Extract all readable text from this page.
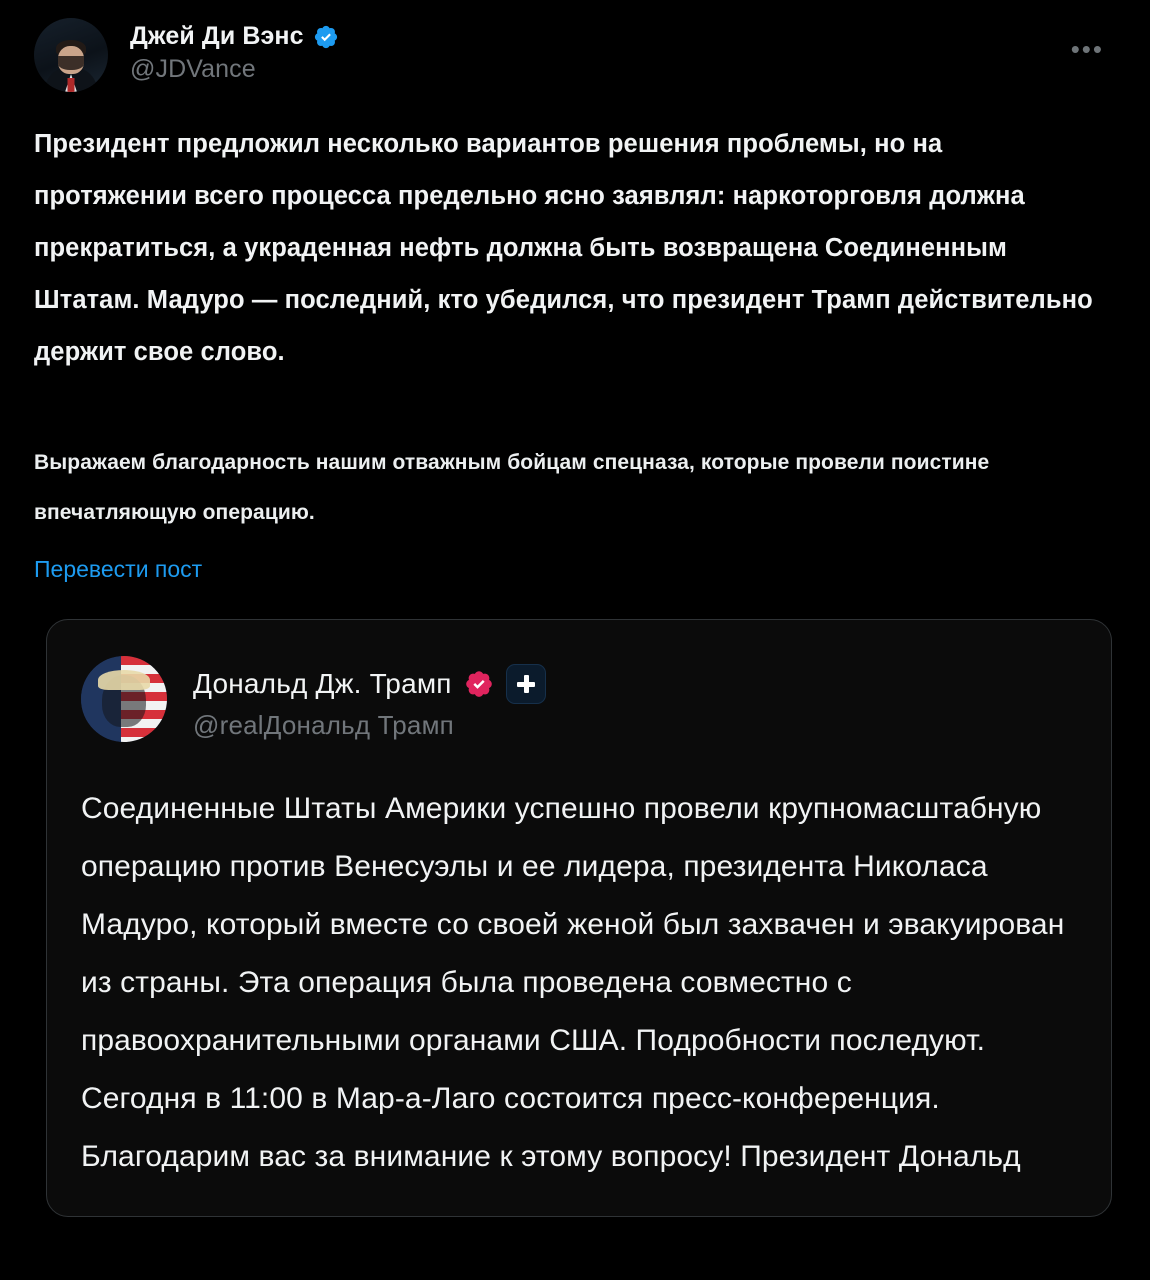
Джей Ди Вэнс
@JDVance
•••
Президент предложил несколько вариантов решения проблемы, но на протяжении всего процесса предельно ясно заявлял: наркоторговля должна прекратиться, а украденная нефть должна быть возвращена Соединенным Штатам. Мадуро — последний, кто убедился, что президент Трамп действительно держит свое слово.
Выражаем благодарность нашим отважным бойцам спецназа, которые провели поистине впечатляющую операцию.
Перевести пост
Дональд Дж. Трамп
@realДональд Трамп
Соединенные Штаты Америки успешно провели крупномасштабную операцию против Венесуэлы и ее лидера, президента Николаса Мадуро, который вместе со своей женой был захвачен и эвакуирован из страны. Эта операция была проведена совместно с правоохранительными органами США. Подробности последуют. Сегодня в 11:00 в Мар-а-Лаго состоится пресс-конференция. Благодарим вас за внимание к этому вопросу! Президент Дональд
